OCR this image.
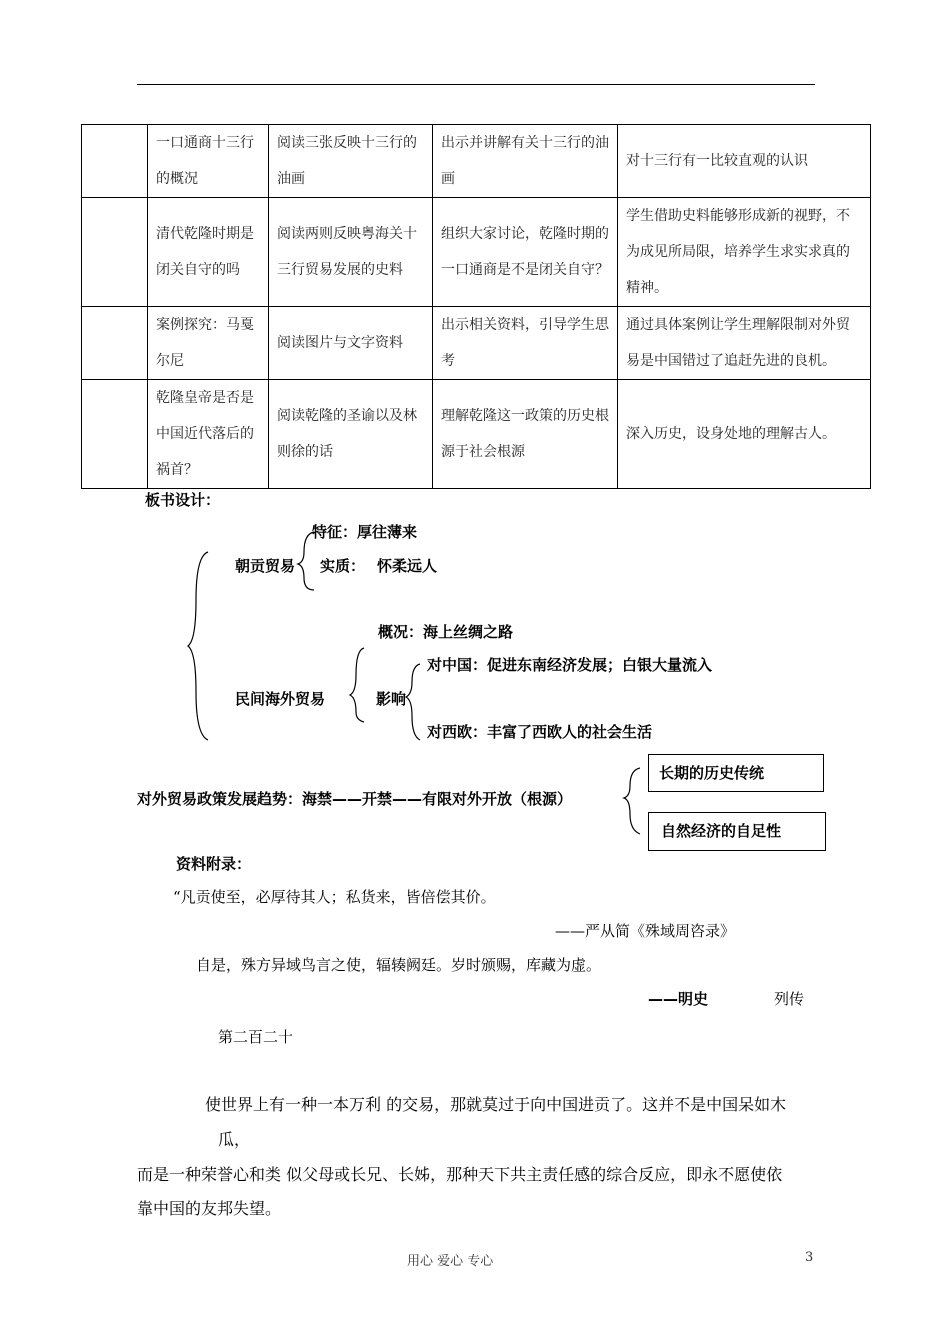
	一口通商十三行的概况	阅读三张反映十三行的油画	出示并讲解有关十三行的油画	对十三行有一比较直观的认识
	清代乾隆时期是闭关自守的吗	阅读两则反映粤海关十三行贸易发展的史料	组织大家讨论，乾隆时期的一口通商是不是闭关自守？	学生借助史料能够形成新的视野，不为成见所局限，培养学生求实求真的精神。
	案例探究：马戛尔尼	阅读图片与文字资料	出示相关资料，引导学生思考	通过具体案例让学生理解限制对外贸易是中国错过了追赶先进的良机。
	乾隆皇帝是否是中国近代落后的祸首？	阅读乾隆的圣谕以及林则徐的话	理解乾隆这一政策的历史根源于社会根源	深入历史，设身处地的理解古人。
板书设计：
特征：厚往薄来
朝贡贸易 实质： 怀柔远人
概况：海上丝绸之路
对中国：促进东南经济发展；白银大量流入
民间海外贸易	影响
对西欧：丰富了西欧人的社会生活
对外贸易政策发展趋势：海禁——开禁——有限对外开放（根源）
长期的历史传统
自然经济的自足性
资料附录：
“凡贡使至，必厚待其人；私货来，皆倍偿其价。
——严从简《殊域周咨录》
自是，殊方异域鸟言之使，辐辏阙廷。岁时颁赐，库藏为虚。
——明史	列传
第二百二十
使世界上有一种一本万利 的交易，那就莫过于向中国进贡了。这并不是中国呆如木
瓜，
而是一种荣誉心和类 似父母或长兄、长姊，那种天下共主责任感的综合反应，即永不愿使依
靠中国的友邦失望。
用心 爱心 专心	3
